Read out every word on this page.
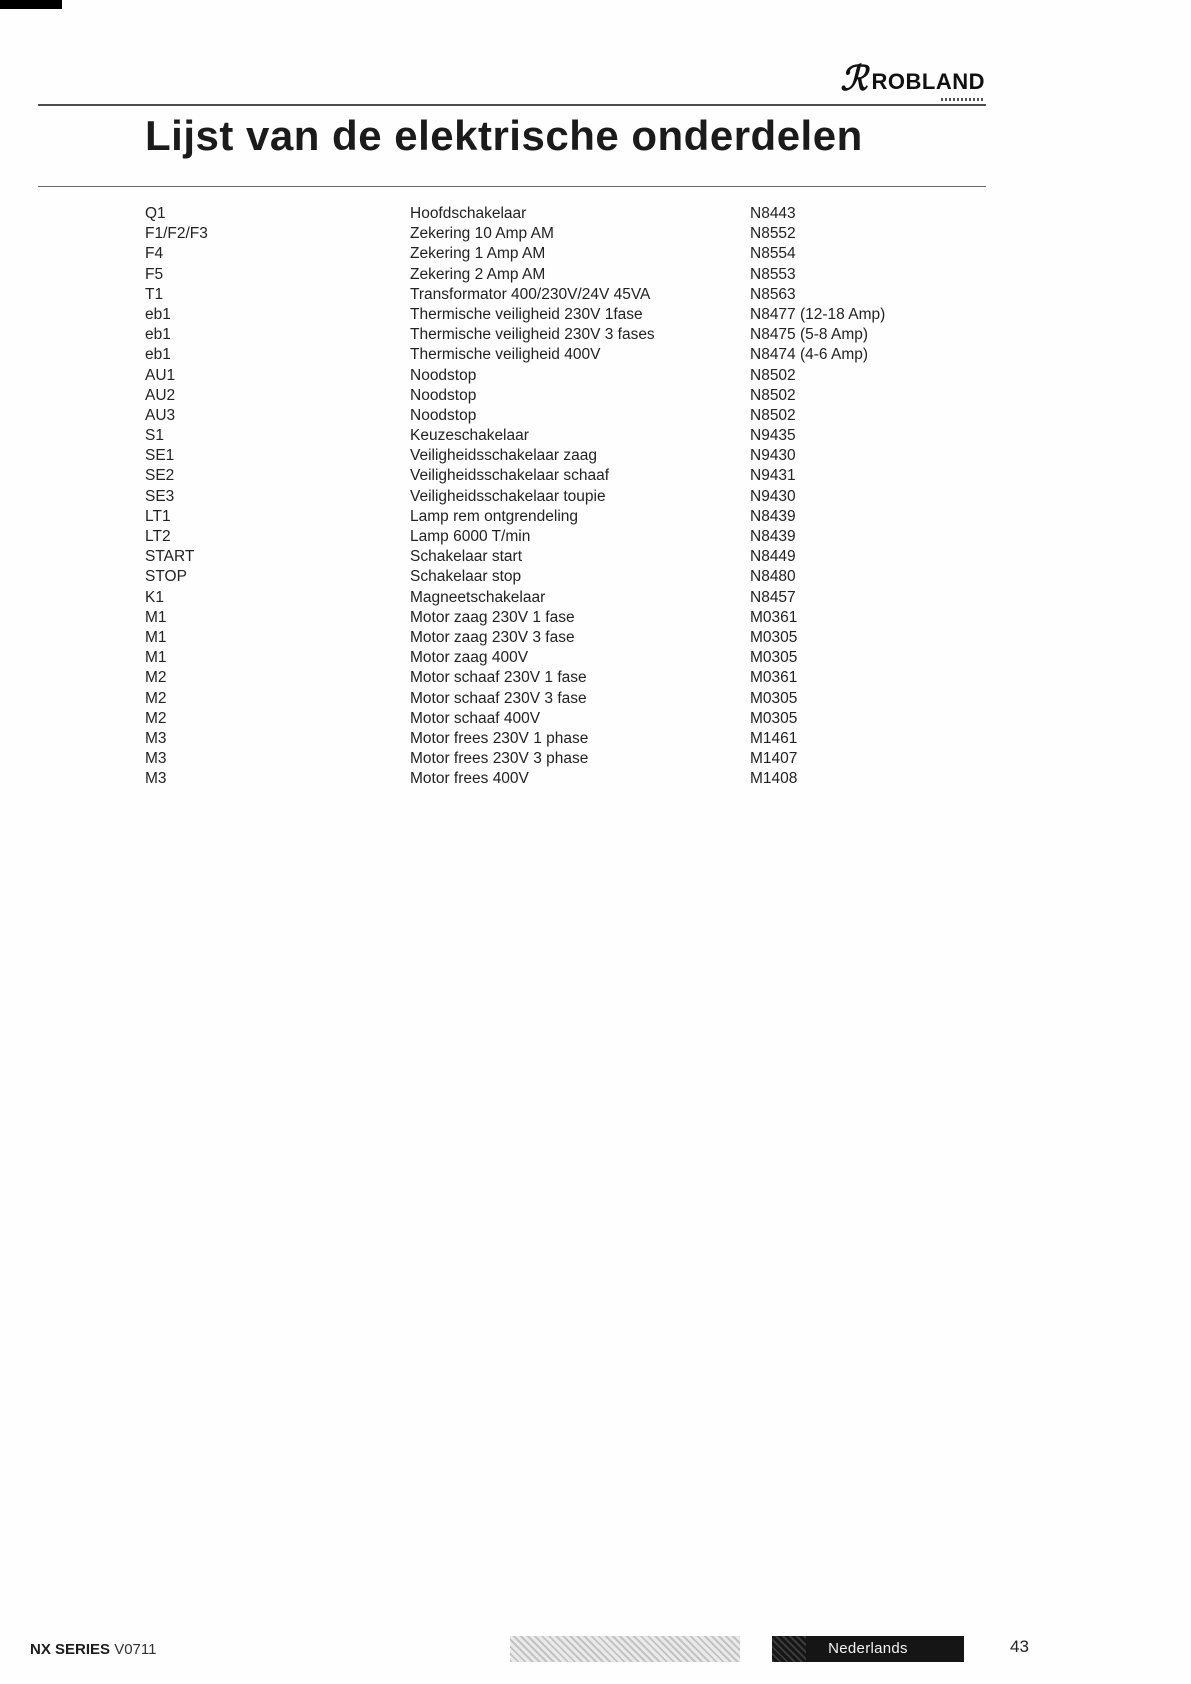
ℛ ROBLAND
Lijst van de elektrische onderdelen
Q1	Hoofdschakelaar	N8443
F1/F2/F3	Zekering 10 Amp AM	N8552
F4	Zekering 1 Amp AM	N8554
F5	Zekering 2 Amp AM	N8553
T1	Transformator 400/230V/24V 45VA	N8563
eb1	Thermische veiligheid 230V 1fase	N8477 (12-18 Amp)
eb1	Thermische veiligheid 230V 3 fases	N8475 (5-8 Amp)
eb1	Thermische veiligheid 400V	N8474 (4-6 Amp)
AU1	Noodstop	N8502
AU2	Noodstop	N8502
AU3	Noodstop	N8502
S1	Keuzeschakelaar	N9435
SE1	Veiligheidsschakelaar zaag	N9430
SE2	Veiligheidsschakelaar schaaf	N9431
SE3	Veiligheidsschakelaar toupie	N9430
LT1	Lamp rem ontgrendeling	N8439
LT2	Lamp 6000 T/min	N8439
START	Schakelaar start	N8449
STOP	Schakelaar stop	N8480
K1	Magneetschakelaar	N8457
M1	Motor zaag 230V 1 fase	M0361
M1	Motor zaag 230V 3 fase	M0305
M1	Motor zaag 400V	M0305
M2	Motor schaaf 230V 1 fase	M0361
M2	Motor schaaf 230V 3 fase	M0305
M2	Motor schaaf 400V	M0305
M3	Motor frees 230V 1 phase	M1461
M3	Motor frees 230V 3 phase	M1407
M3	Motor frees 400V	M1408
NX SERIES V0711	Nederlands	43
